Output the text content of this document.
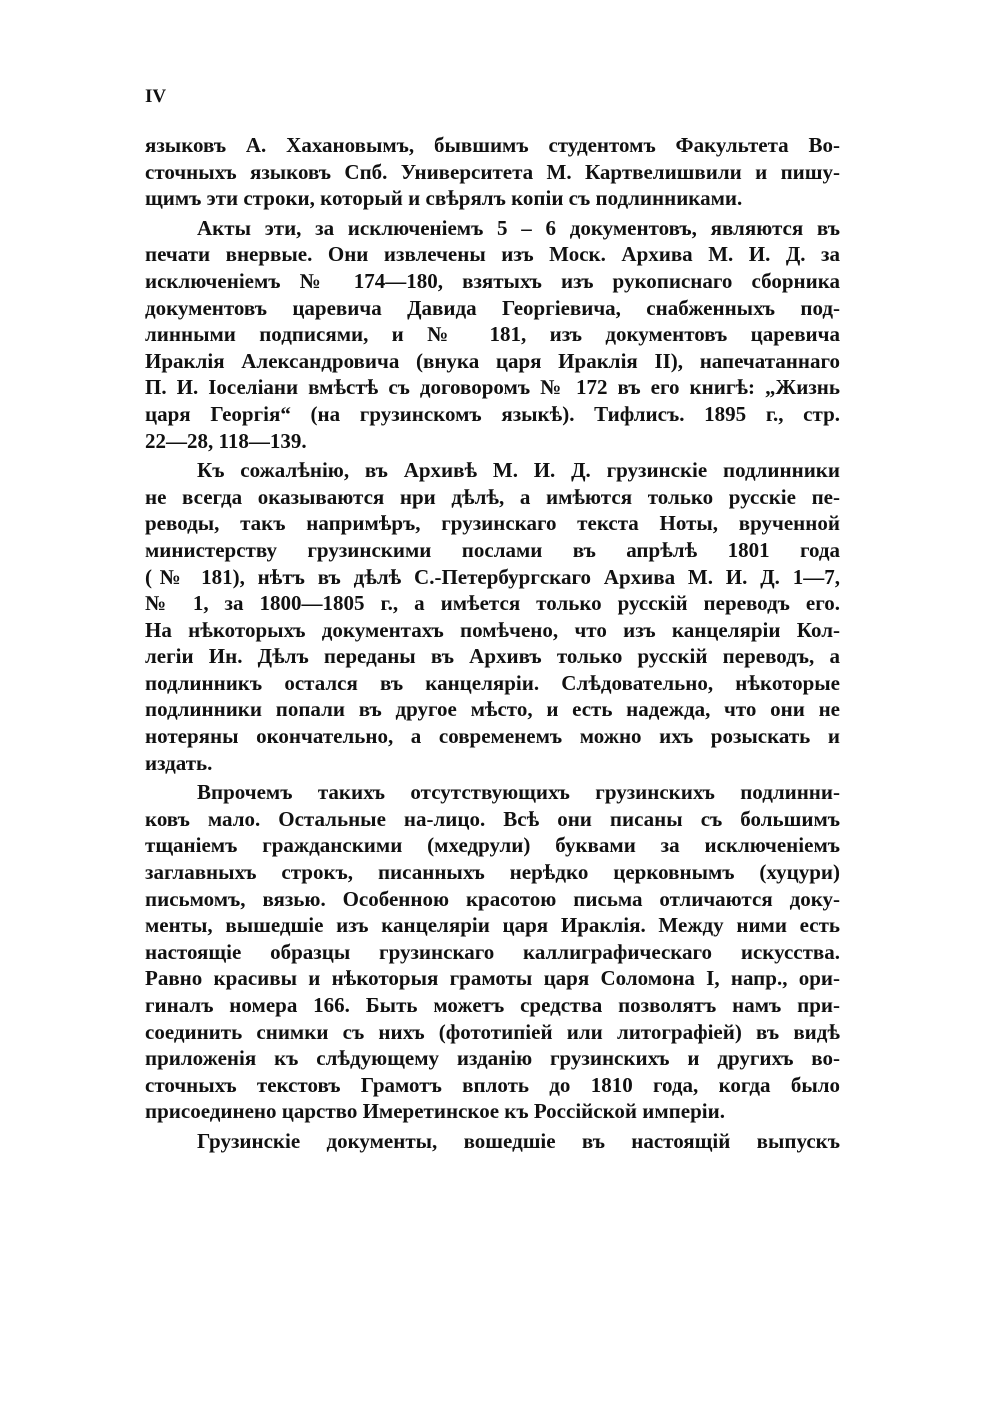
IV
языковъ А. Хахановымъ, бывшимъ студентомъ Факультета Во-
сточныхъ языковъ Спб. Университета М. Картвелишвили и пишу-
щимъ эти строки, который и свѣрялъ копіи съ подлинниками.
Акты эти, за исключеніемъ 5 – 6 документовъ, являются въ
печати внервые. Они извлечены изъ Моск. Архива М. И. Д. за
исключеніемъ № 174—180, взятыхъ изъ рукописнаго сборника
документовъ царевича Давида Георгіевича, снабженныхъ под-
линными подписями, и № 181, изъ документовъ царевича
Ираклія Александровича (внука царя Ираклія II), напечатаннаго
П. И. Іоселіани вмѣстѣ съ договоромъ № 172 въ его книгѣ: „Жизнь
царя Георгія“ (на грузинскомъ языкѣ). Тифлисъ. 1895 г., стр.
22—28, 118—139.
Къ сожалѣнію, въ Архивѣ М. И. Д. грузинскіе подлинники
не всегда оказываются нри дѣлѣ, а имѣются только русскіе пе-
реводы, такъ напримѣръ, грузинскаго текста Ноты, врученной
министерству грузинскими послами въ апрѣлѣ 1801 года
(№ 181), нѣтъ въ дѣлѣ С.-Петербургскаго Архива М. И. Д. 1—7,
№ 1, за 1800—1805 г., а имѣется только русскій переводъ его.
На нѣкоторыхъ документахъ помѣчено, что изъ канцеляріи Кол-
легіи Ин. Дѣлъ переданы въ Архивъ только русскій переводъ, а
подлинникъ остался въ канцеляріи. Слѣдовательно, нѣкоторые
подлинники попали въ другое мѣсто, и есть надежда, что они не
нотеряны окончательно, а современемъ можно ихъ розыскать и
издать.
Впрочемъ такихъ отсутствующихъ грузинскихъ подлинни-
ковъ мало. Остальные на-лицо. Всѣ они писаны съ большимъ
тщаніемъ гражданскими (мхедрули) буквами за исключеніемъ
заглавныхъ строкъ, писанныхъ нерѣдко церковнымъ (хуцури)
письмомъ, вязью. Особенною красотою письма отличаются доку-
менты, вышедшіе изъ канцеляріи царя Ираклія. Между ними есть
настоящіе образцы грузинскаго каллиграфическаго искусства.
Равно красивы и нѣкоторыя грамоты царя Соломона I, напр., ори-
гиналъ номера 166. Быть можетъ средства позволятъ намъ при-
соединить снимки съ нихъ (фототипіей или литографіей) въ видѣ
приложенія къ слѣдующему изданію грузинскихъ и другихъ во-
сточныхъ текстовъ Грамотъ вплоть до 1810 года, когда было
присоединено царство Имеретинское къ Россійской имперіи.
Грузинскіе документы, вошедшіе въ настоящій выпускъ
